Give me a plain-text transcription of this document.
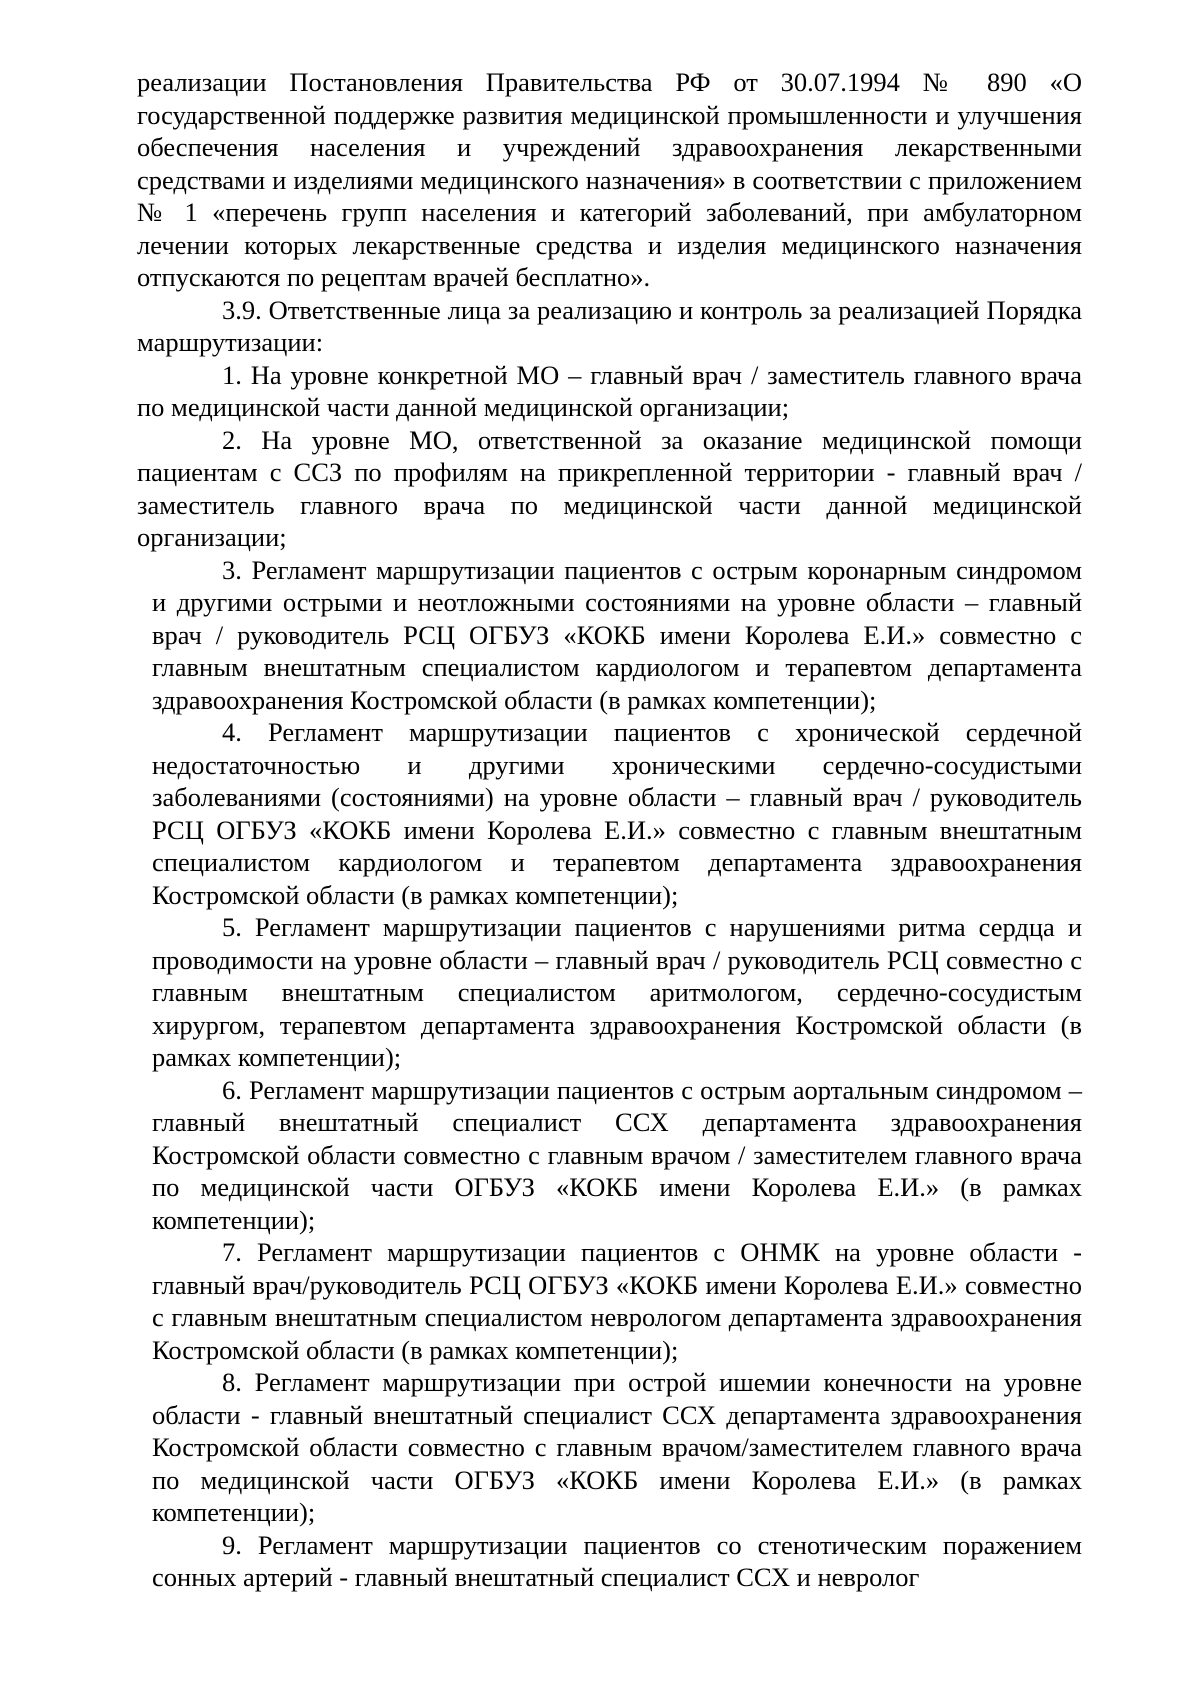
реализации Постановления Правительства РФ от 30.07.1994 № 890 «О государственной поддержке развития медицинской промышленности и улучшения обеспечения населения и учреждений здравоохранения лекарственными средствами и изделиями медицинского назначения» в соответствии с приложением № 1 «перечень групп населения и категорий заболеваний, при амбулаторном лечении которых лекарственные средства и изделия медицинского назначения отпускаются по рецептам врачей бесплатно».

3.9. Ответственные лица за реализацию и контроль за реализацией Порядка маршрутизации:

1. На уровне конкретной МО – главный врач / заместитель главного врача по медицинской части данной медицинской организации;

2. На уровне МО, ответственной за оказание медицинской помощи пациентам с ССЗ по профилям на прикрепленной территории - главный врач / заместитель главного врача по медицинской части данной медицинской организации;

3. Регламент маршрутизации пациентов с острым коронарным синдромом и другими острыми и неотложными состояниями на уровне области – главный врач / руководитель РСЦ ОГБУЗ «КОКБ имени Королева Е.И.» совместно с главным внештатным специалистом кардиологом и терапевтом департамента здравоохранения Костромской области (в рамках компетенции);

4. Регламент маршрутизации пациентов с хронической сердечной недостаточностью и другими хроническими сердечно-сосудистыми заболеваниями (состояниями) на уровне области – главный врач / руководитель РСЦ ОГБУЗ «КОКБ имени Королева Е.И.» совместно с главным внештатным специалистом кардиологом и терапевтом департамента здравоохранения Костромской области (в рамках компетенции);

5. Регламент маршрутизации пациентов с нарушениями ритма сердца и проводимости на уровне области – главный врач / руководитель РСЦ совместно с главным внештатным специалистом аритмологом, сердечно-сосудистым хирургом, терапевтом департамента здравоохранения Костромской области (в рамках компетенции);

6. Регламент маршрутизации пациентов с острым аортальным синдромом – главный внештатный специалист ССХ департамента здравоохранения Костромской области совместно с главным врачом / заместителем главного врача по медицинской части ОГБУЗ «КОКБ имени Королева Е.И.» (в рамках компетенции);

7. Регламент маршрутизации пациентов с ОНМК на уровне области - главный врач/руководитель РСЦ ОГБУЗ «КОКБ имени Королева Е.И.» совместно с главным внештатным специалистом неврологом департамента здравоохранения Костромской области (в рамках компетенции);

8. Регламент маршрутизации при острой ишемии конечности на уровне области - главный внештатный специалист ССХ департамента здравоохранения Костромской области совместно с главным врачом/заместителем главного врача по медицинской части ОГБУЗ «КОКБ имени Королева Е.И.» (в рамках компетенции);

9. Регламент маршрутизации пациентов со стенотическим поражением сонных артерий - главный внештатный специалист ССХ и невролог
